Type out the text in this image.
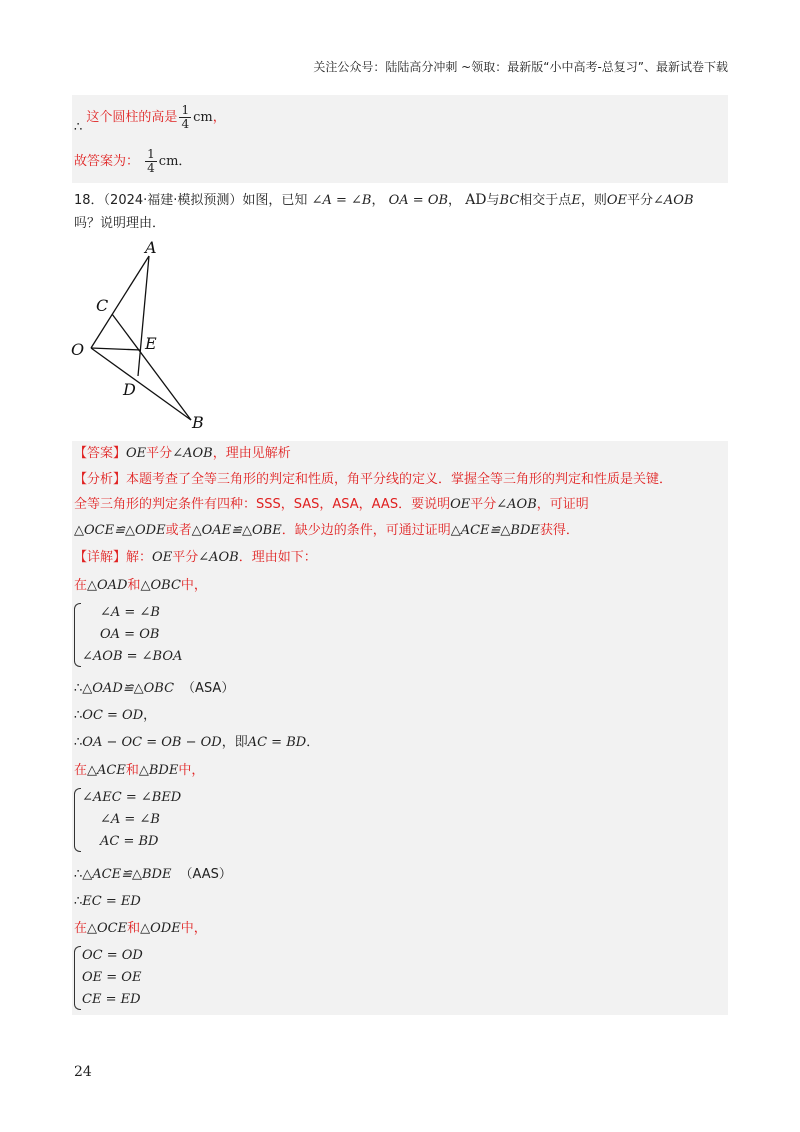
关注公众号：陆陆高分冲刺 ~领取：最新版“小中高考-总复习”、最新试卷下载
∴ 这个圆柱的高是 $\frac{1}{4}$ cm，
故答案为： $\frac{1}{4}$ cm．
18．（2024·福建·模拟预测）如图，已知 ∠A = ∠B， OA = OB， AD与BC相交于点E，则OE平分∠AOB
吗？说明理由．
A
C
O	E
D
B
【答案】OE平分∠AOB，理由见解析
【分析】本题考查了全等三角形的判定和性质，角平分线的定义．掌握全等三角形的判定和性质是关键．
全等三角形的判定条件有四种：SSS，SAS，ASA，AAS．要说明OE平分∠AOB，可证明
△OCE≌△ODE或者△OAE≌△OBE．缺少边的条件，可通过证明△ACE≌△BDE获得．
【详解】解：OE平分∠AOB．理由如下：
在△OAD和△OBC中，
∠A = ∠B
OA = OB
∠AOB = ∠BOA
∴△OAD≌△OBC （ASA）
∴OC = OD，
∴OA − OC = OB − OD，即AC = BD．
在△ACE和△BDE中，
∠AEC = ∠BED
∠A = ∠B
AC = BD
∴△ACE≌△BDE （AAS）
∴EC = ED
在△OCE和△ODE中，
OC = OD
OE = OE
CE = ED
24
